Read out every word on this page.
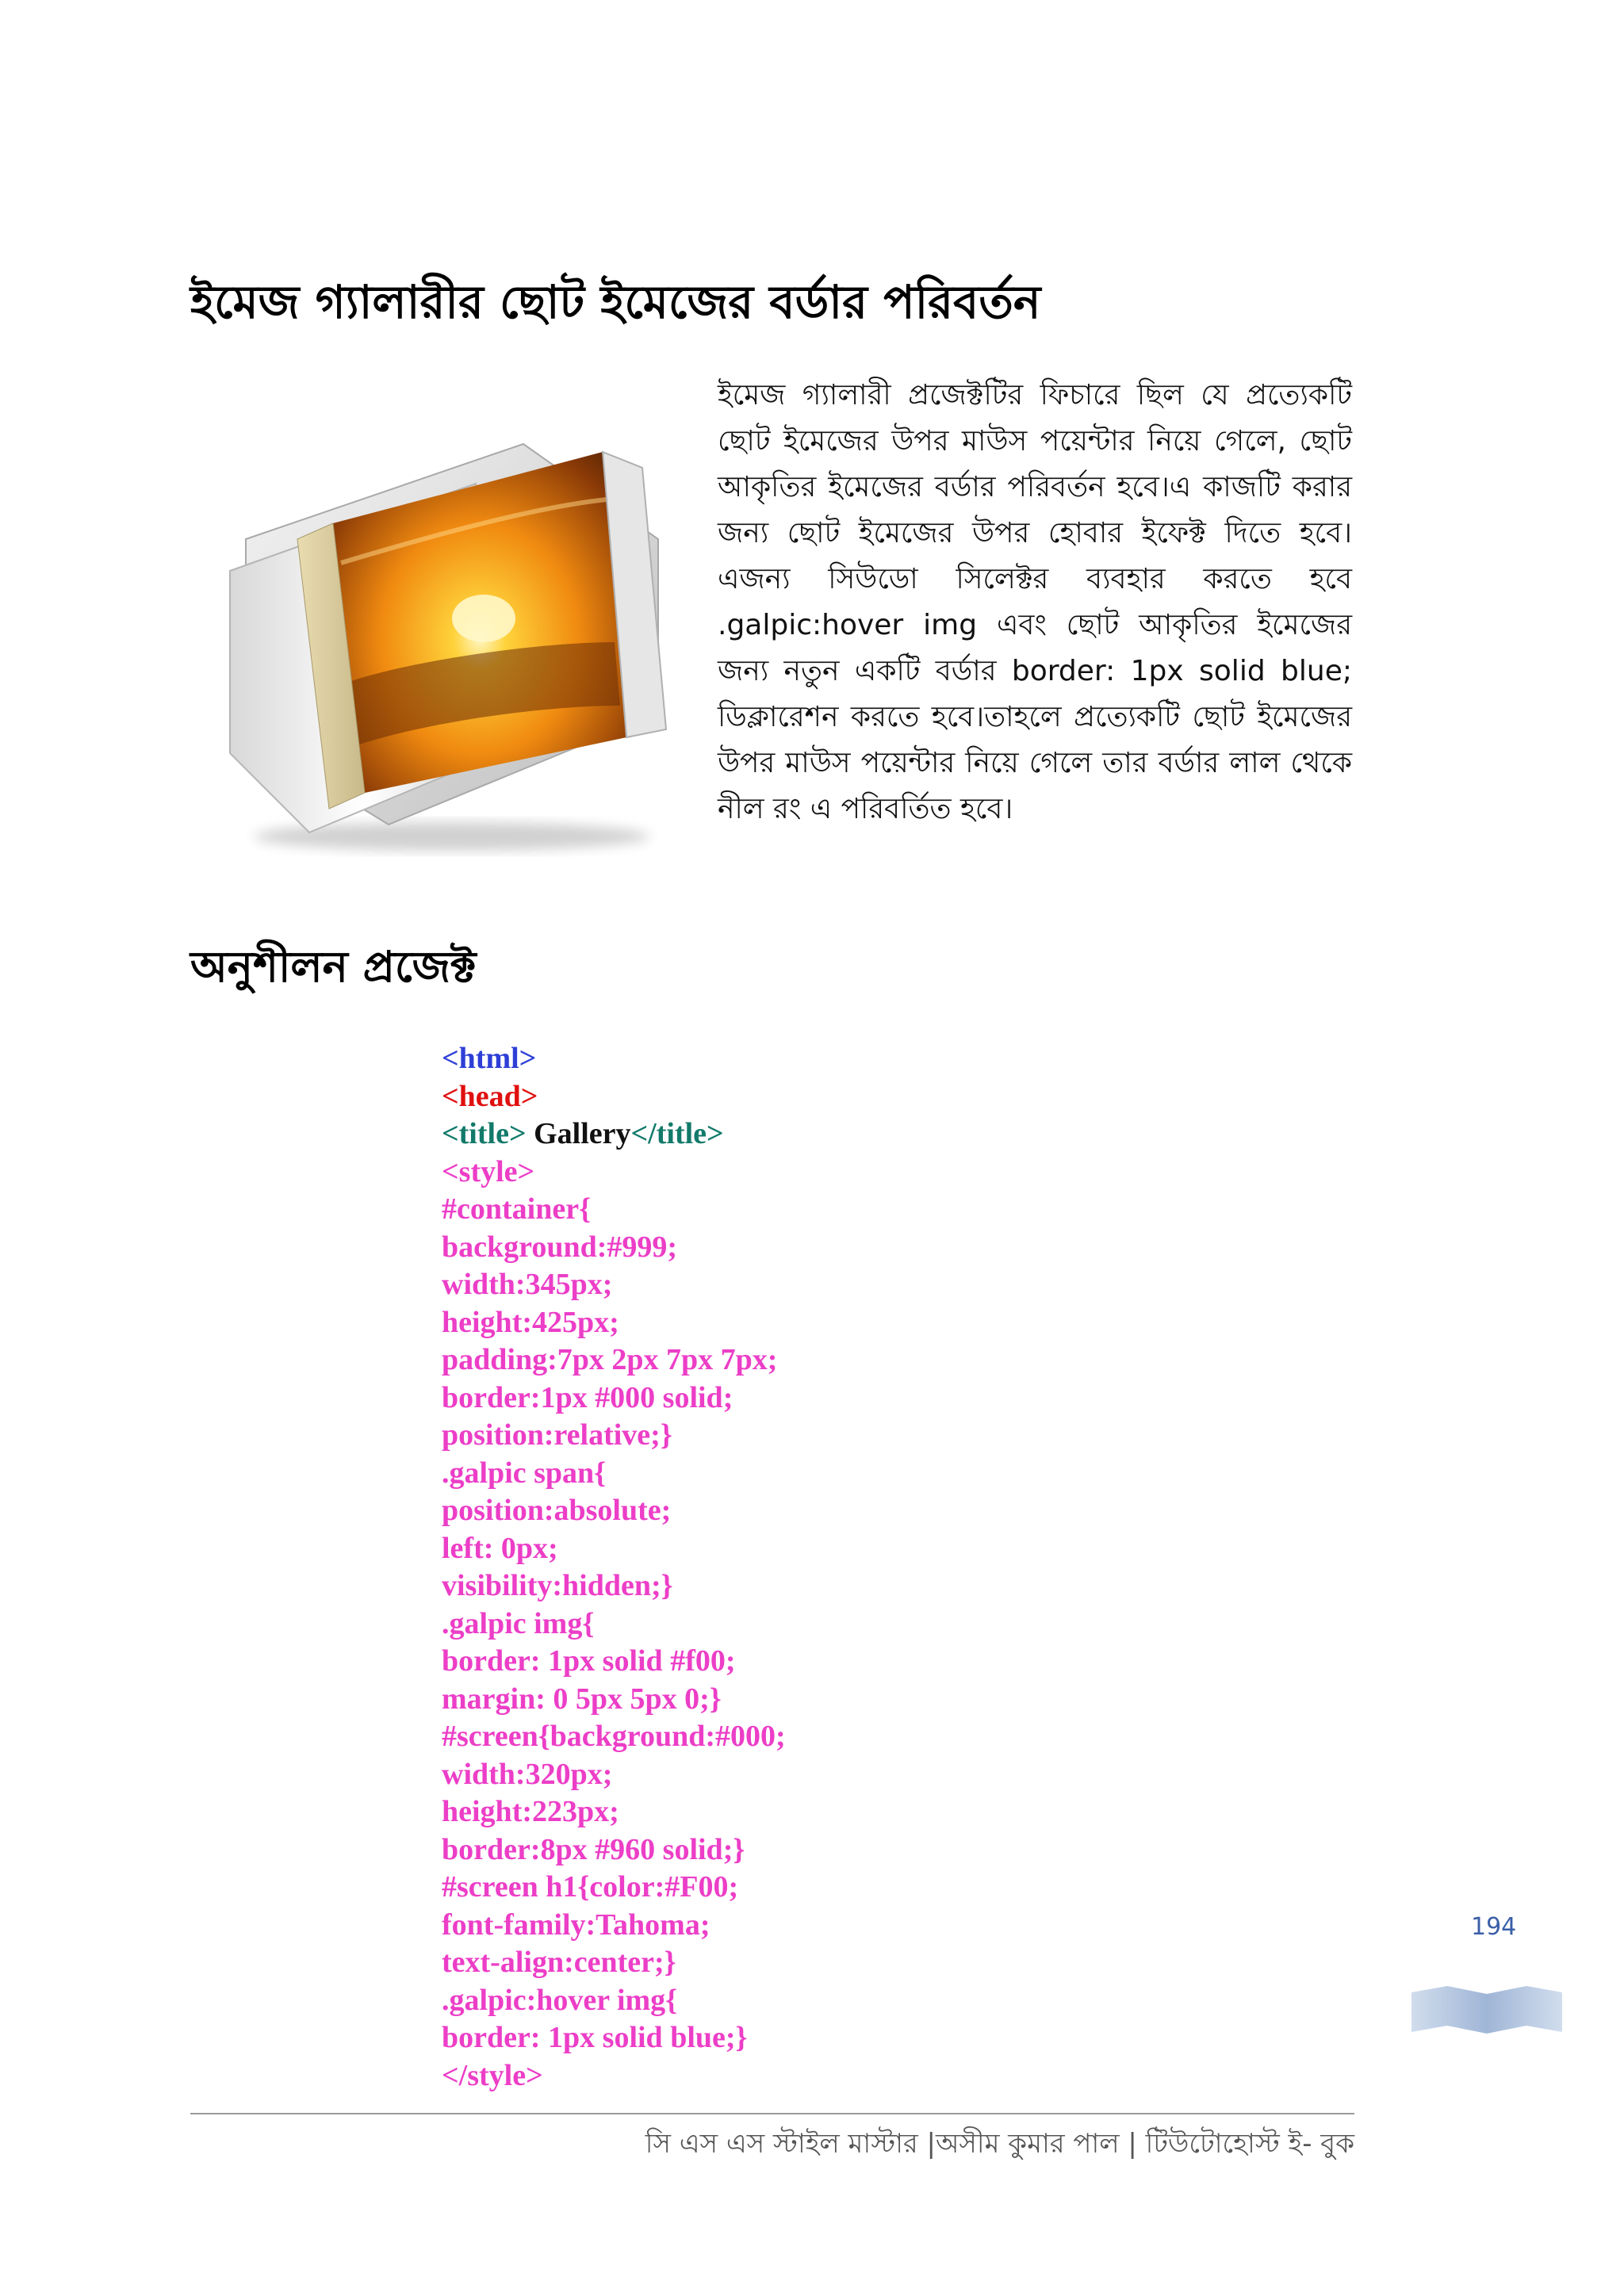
ইমেজ গ্যালারীর ছোট ইমেজের বর্ডার পরিবর্তন

ইমেজ গ্যালারী প্রজেক্টটির ফিচারে ছিল যে প্রত্যেকটি ছোট ইমেজের উপর মাউস পয়েন্টার নিয়ে গেলে, ছোট আকৃতির ইমেজের বর্ডার পরিবর্তন হবে।এ কাজটি করার জন্য ছোট ইমেজের উপর হোবার ইফেক্ট দিতে হবে। এজন্য সিউডো সিলেক্টর ব্যবহার করতে হবে .galpic:hover img এবং ছোট আকৃতির ইমেজের জন্য নতুন একটি বর্ডার border: 1px solid blue; ডিক্লারেশন করতে হবে।তাহলে প্রত্যেকটি ছোট ইমেজের উপর মাউস পয়েন্টার নিয়ে গেলে তার বর্ডার লাল থেকে নীল রং এ পরিবর্তিত হবে।

অনুশীলন প্রজেক্ট
<html>
<head>
<title> Gallery</title>
<style>
#container{
background:#999;
width:345px;
height:425px;
padding:7px 2px 7px 7px;
border:1px #000 solid;
position:relative;}
.galpic span{
position:absolute;
left: 0px;
visibility:hidden;}
.galpic img{
border: 1px solid #f00;
margin: 0 5px 5px 0;}
#screen{background:#000;
width:320px;
height:223px;
border:8px #960 solid;}
#screen h1{color:#F00;
font-family:Tahoma;
text-align:center;}
.galpic:hover img{
border: 1px solid blue;}
</style>
194
সি এস এস স্টাইল মাস্টার |অসীম কুমার পাল | টিউটোহোস্ট ই- বুক
